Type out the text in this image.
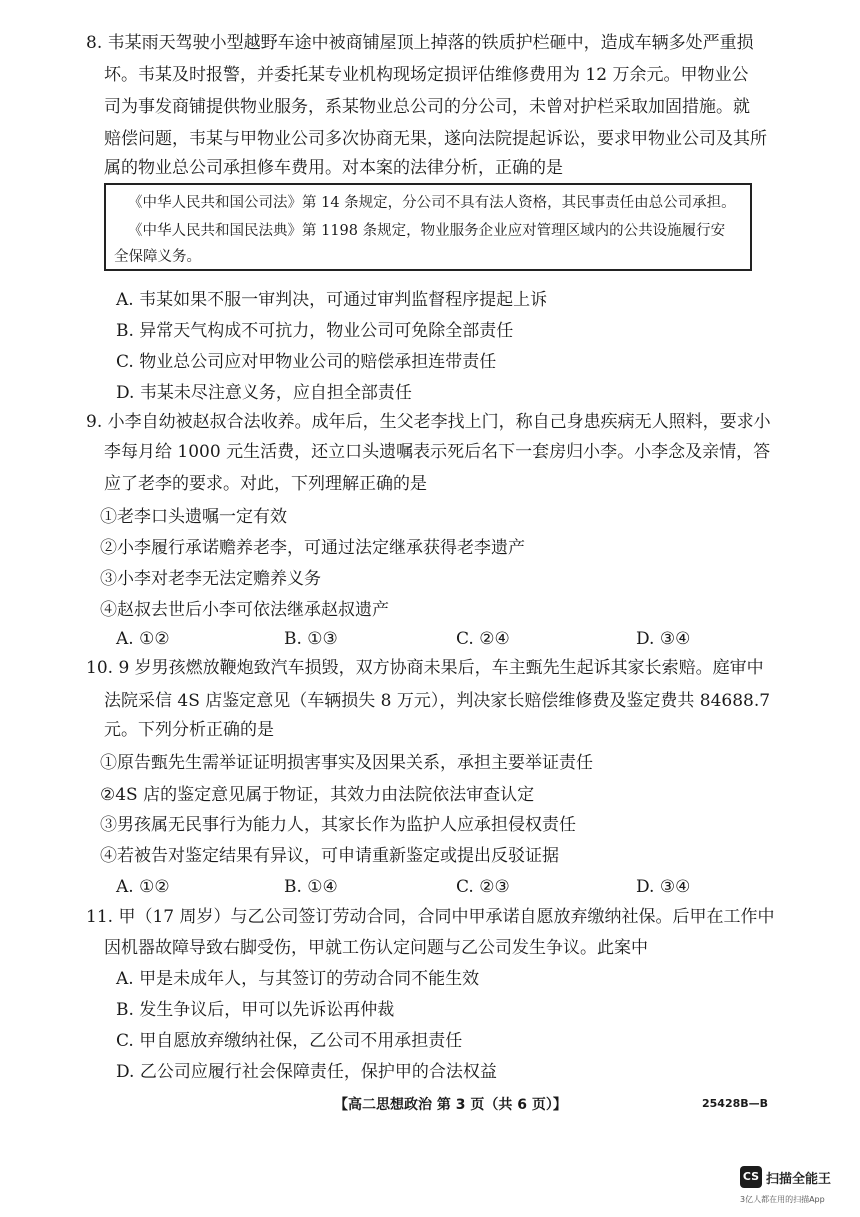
8. 韦某雨天驾驶小型越野车途中被商铺屋顶上掉落的铁质护栏砸中，造成车辆多处严重损
坏。韦某及时报警，并委托某专业机构现场定损评估维修费用为 12 万余元。甲物业公
司为事发商铺提供物业服务，系某物业总公司的分公司，未曾对护栏采取加固措施。就
赔偿问题，韦某与甲物业公司多次协商无果，遂向法院提起诉讼，要求甲物业公司及其所
属的物业总公司承担修车费用。对本案的法律分析，正确的是
《中华人民共和国公司法》第 14 条规定，分公司不具有法人资格，其民事责任由总公司承担。
《中华人民共和国民法典》第 1198 条规定，物业服务企业应对管理区域内的公共设施履行安
全保障义务。
A. 韦某如果不服一审判决，可通过审判监督程序提起上诉
B. 异常天气构成不可抗力，物业公司可免除全部责任
C. 物业总公司应对甲物业公司的赔偿承担连带责任
D. 韦某未尽注意义务，应自担全部责任
9. 小李自幼被赵叔合法收养。成年后，生父老李找上门，称自己身患疾病无人照料，要求小
李每月给 1000 元生活费，还立口头遗嘱表示死后名下一套房归小李。小李念及亲情，答
应了老李的要求。对此，下列理解正确的是
①老李口头遗嘱一定有效
②小李履行承诺赡养老李，可通过法定继承获得老李遗产
③小李对老李无法定赡养义务
④赵叔去世后小李可依法继承赵叔遗产
A. ①②	B. ①③	C. ②④	D. ③④
10. 9 岁男孩燃放鞭炮致汽车损毁，双方协商未果后，车主甄先生起诉其家长索赔。庭审中
法院采信 4S 店鉴定意见（车辆损失 8 万元），判决家长赔偿维修费及鉴定费共 84688.7
元。下列分析正确的是
①原告甄先生需举证证明损害事实及因果关系，承担主要举证责任
②4S 店的鉴定意见属于物证，其效力由法院依法审查认定
③男孩属无民事行为能力人，其家长作为监护人应承担侵权责任
④若被告对鉴定结果有异议，可申请重新鉴定或提出反驳证据
A. ①②	B. ①④	C. ②③	D. ③④
11. 甲（17 周岁）与乙公司签订劳动合同，合同中甲承诺自愿放弃缴纳社保。后甲在工作中
因机器故障导致右脚受伤，甲就工伤认定问题与乙公司发生争议。此案中
A. 甲是未成年人，与其签订的劳动合同不能生效
B. 发生争议后，甲可以先诉讼再仲裁
C. 甲自愿放弃缴纳社保，乙公司不用承担责任
D. 乙公司应履行社会保障责任，保护甲的合法权益
【高二思想政治 第 3 页（共 6 页）】	25428B—B
CS 扫描全能王
3亿人都在用的扫描App
